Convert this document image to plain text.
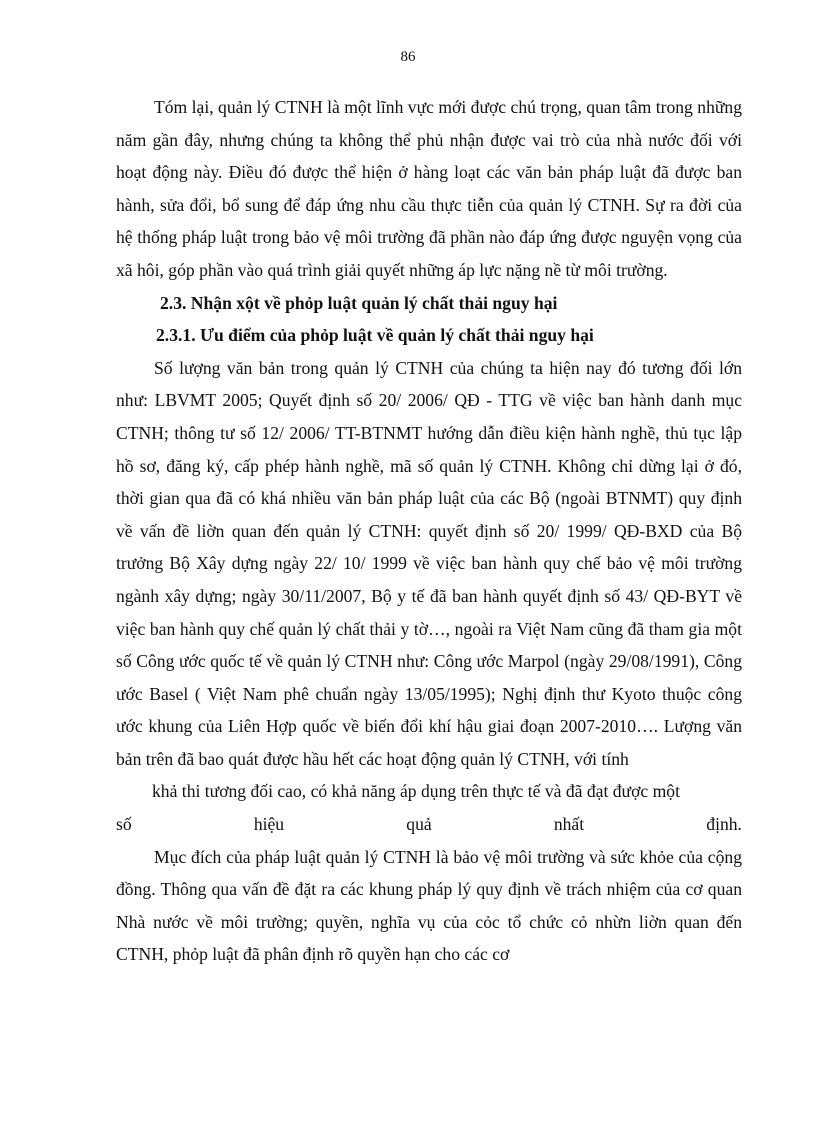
86

Tóm lại, quản lý CTNH là một lĩnh vực mới được chú trọng, quan tâm trong những năm gần đây, nhưng chúng ta không thể phủ nhận được vai trò của nhà nước đối với hoạt động này. Điều đó được thể hiện ở hàng loạt các văn bản pháp luật đã được ban hành, sửa đổi, bổ sung để đáp ứng nhu cầu thực tiễn của quản lý CTNH. Sự ra đời của hệ thống pháp luật trong bảo vệ môi trường đã phần nào đáp ứng được nguyện vọng của xã hôi, góp phần vào quá trình giải quyết những áp lực nặng nề từ môi trường.

2.3. Nhận xột về phỏp luật quản lý chất thải nguy hại

2.3.1. Ưu điểm của phỏp luật về quản lý chất thải nguy hại

Số lượng văn bản trong quản lý CTNH của chúng ta hiện nay đó tương đối lớn như: LBVMT 2005; Quyết định số 20/ 2006/ QĐ - TTG về việc ban hành danh mục CTNH; thông tư số 12/ 2006/ TT-BTNMT hướng dẫn điều kiện hành nghề, thủ tục lập hồ sơ, đăng ký, cấp phép hành nghề, mã số quản lý CTNH. Không chỉ dừng lại ở đó, thời gian qua đã có khá nhiều văn bản pháp luật của các Bộ (ngoài BTNMT) quy định về vấn đề liờn quan đến quản lý CTNH: quyết định số 20/ 1999/ QĐ-BXD của Bộ trưởng Bộ Xây dựng ngày 22/ 10/ 1999 về việc ban hành quy chế bảo vệ môi trường ngành xây dựng; ngày 30/11/2007, Bộ y tế đã ban hành quyết định số 43/ QĐ-BYT về việc ban hành quy chế quản lý chất thải y tờ…, ngoài ra Việt Nam cũng đã tham gia một số Công ước quốc tế về quản lý CTNH như: Công ước Marpol (ngày 29/08/1991), Công ước Basel ( Việt Nam phê chuẩn ngày 13/05/1995); Nghị định thư Kyoto thuộc công ước khung của Liên Hợp quốc về biến đổi khí hậu giai đoạn 2007-2010…. Lượng văn bản trên đã bao quát được hầu hết các hoạt động quản lý CTNH, với tính

khả thi tương đối cao, có khả năng áp dụng trên thực tế và đã đạt được một

số	hiệu	quả	nhất	định.

Mục đích của pháp luật quản lý CTNH là bảo vệ môi trường và sức khỏe của cộng đồng. Thông qua vấn đề đặt ra các khung pháp lý quy định về trách nhiệm của cơ quan Nhà nước về môi trường; quyền, nghĩa vụ của cỏc tổ chức cỏ nhừn liờn quan đến CTNH, phỏp luật đã phân định rõ quyền hạn cho các cơ
